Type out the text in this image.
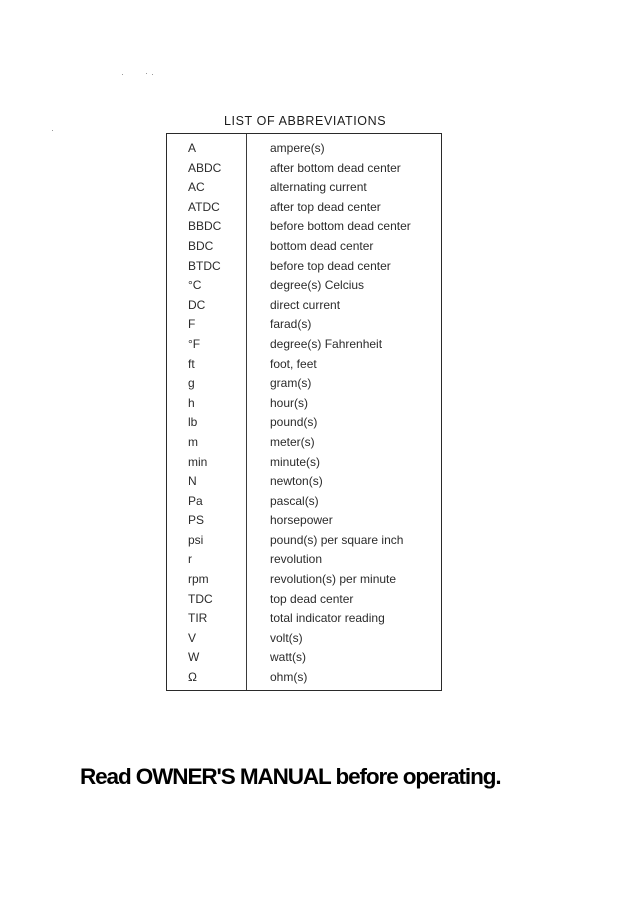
LIST OF ABBREVIATIONS
A	ampere(s)
ABDC	after bottom dead center
AC	alternating current
ATDC	after top dead center
BBDC	before bottom dead center
BDC	bottom dead center
BTDC	before top dead center
°C	degree(s) Celcius
DC	direct current
F	farad(s)
°F	degree(s) Fahrenheit
ft	foot, feet
g	gram(s)
h	hour(s)
lb	pound(s)
m	meter(s)
min	minute(s)
N	newton(s)
Pa	pascal(s)
PS	horsepower
psi	pound(s) per square inch
r	revolution
rpm	revolution(s) per minute
TDC	top dead center
TIR	total indicator reading
V	volt(s)
W	watt(s)
Ω	ohm(s)
Read OWNER'S MANUAL before operating.
